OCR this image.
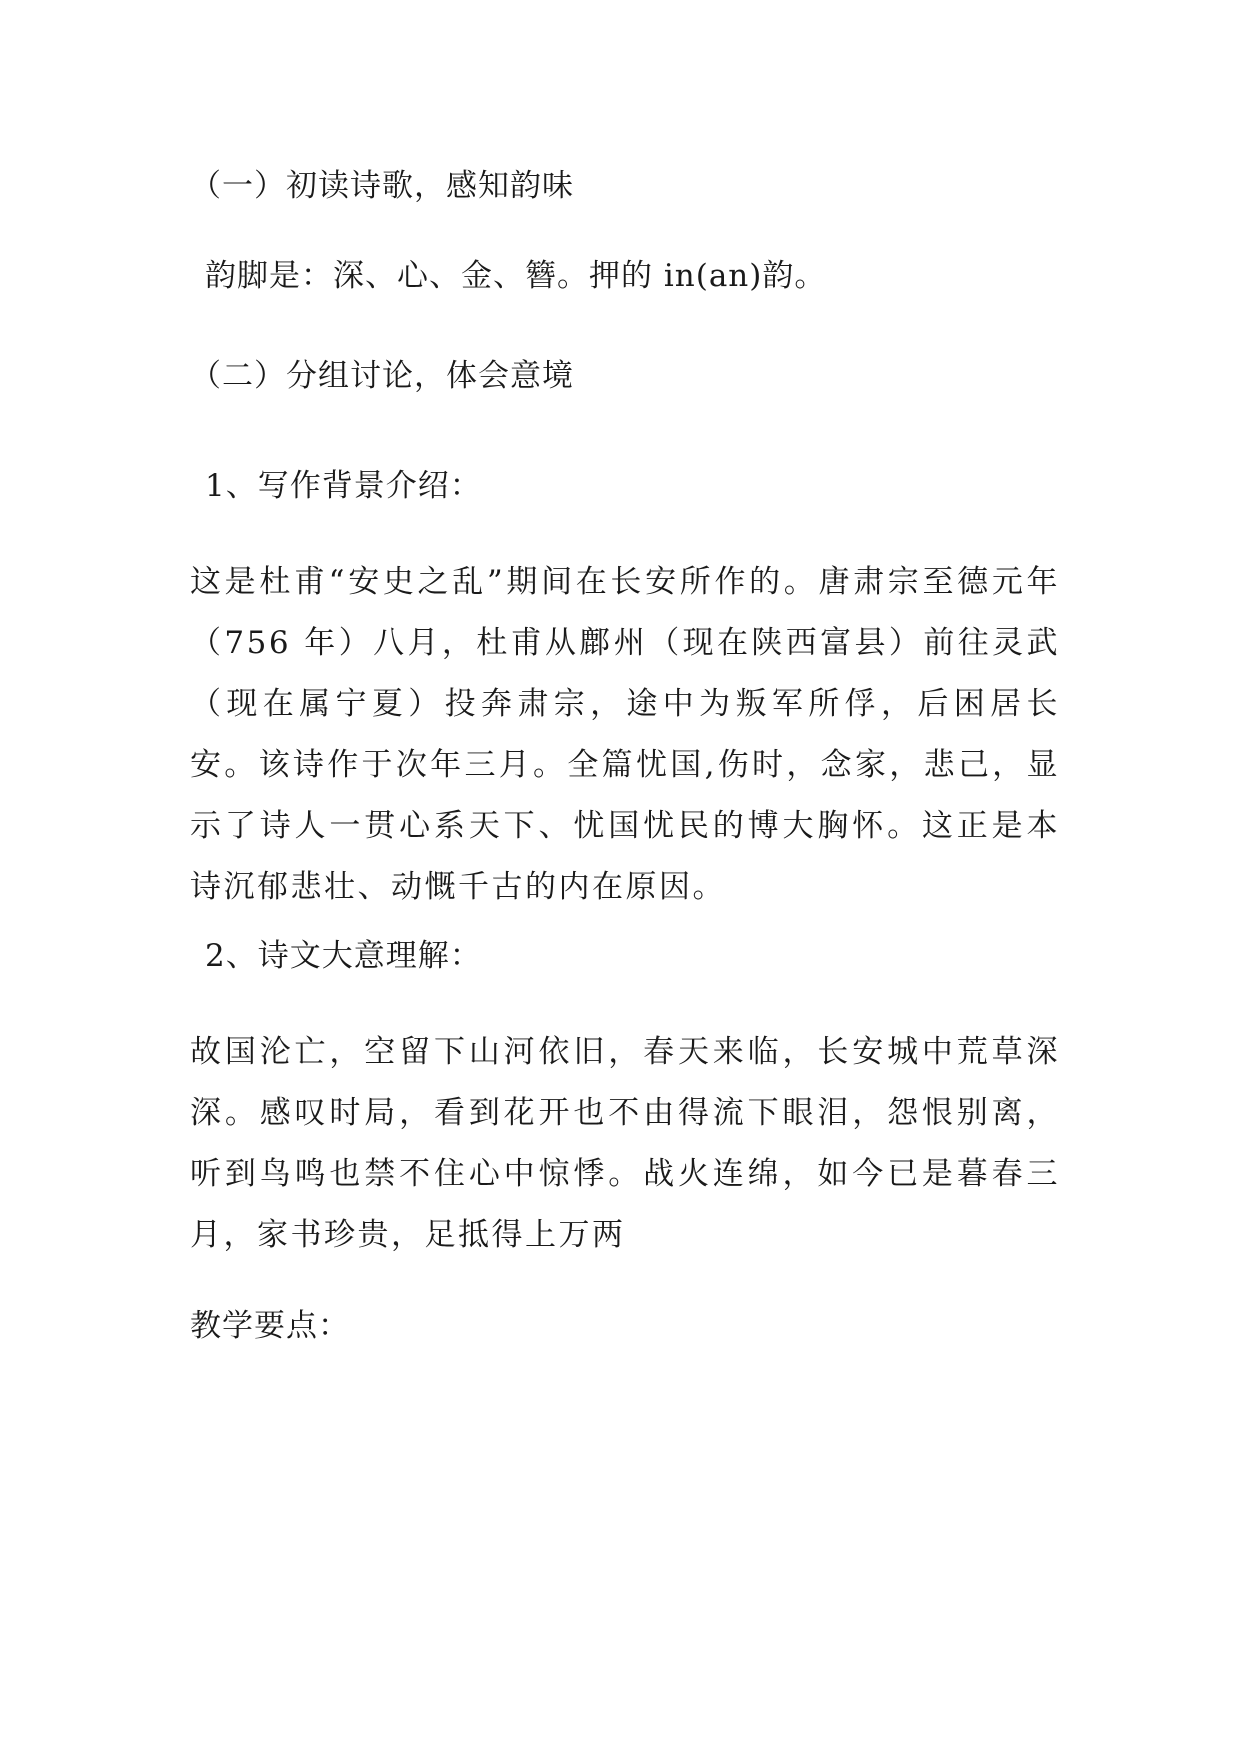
（一）初读诗歌，感知韵味
韵脚是：深、心、金、簪。押的 in(an)韵。
（二）分组讨论，体会意境
1、写作背景介绍：
这是杜甫“安史之乱”期间在长安所作的。唐肃宗至德元年（756 年）八月，杜甫从鄜州（现在陕西富县）前往灵武（现在属宁夏）投奔肃宗，途中为叛军所俘，后困居长安。该诗作于次年三月。全篇忧国,伤时，念家，悲己，显示了诗人一贯心系天下、忧国忧民的博大胸怀。这正是本诗沉郁悲壮、动慨千古的内在原因。
2、诗文大意理解：
故国沦亡，空留下山河依旧，春天来临，长安城中荒草深深。感叹时局，看到花开也不由得流下眼泪，怨恨别离，听到鸟鸣也禁不住心中惊悸。战火连绵，如今已是暮春三月，家书珍贵，足抵得上万两
教学要点：
